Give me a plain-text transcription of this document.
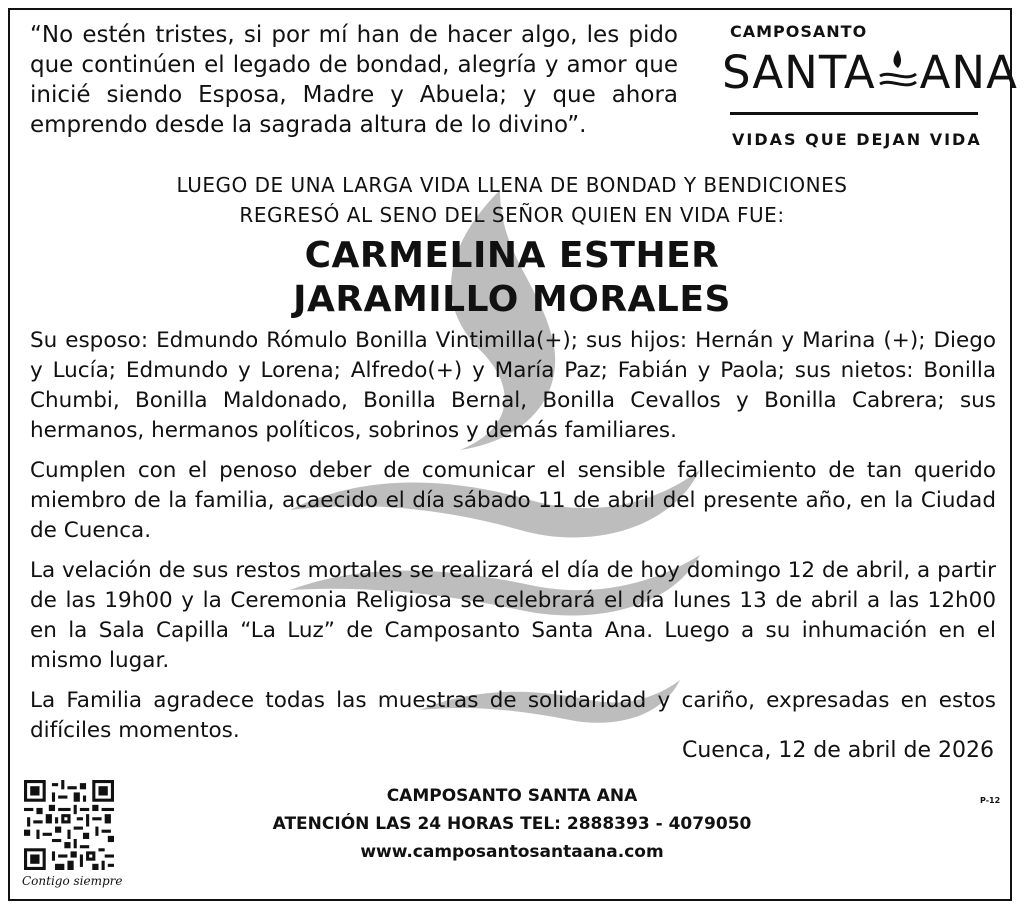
“No estén tristes, si por mí han de hacer algo, les pido que continúen el legado de bondad, alegría y amor que inicié siendo Esposa, Madre y Abuela; y que ahora emprendo desde la sagrada altura de lo divino”.
CAMPOSANTO
SANTA ANA
VIDAS QUE DEJAN VIDA
LUEGO DE UNA LARGA VIDA LLENA DE BONDAD Y BENDICIONES
REGRESÓ AL SENO DEL SEÑOR QUIEN EN VIDA FUE:
CARMELINA ESTHER
JARAMILLO MORALES

Su esposo: Edmundo Rómulo Bonilla Vintimilla(+); sus hijos: Hernán y Marina (+); Diego y Lucía; Edmundo y Lorena; Alfredo(+) y María Paz; Fabián y Paola; sus nietos: Bonilla Chumbi, Bonilla Maldonado, Bonilla Bernal, Bonilla Cevallos y Bonilla Cabrera; sus hermanos, hermanos políticos, sobrinos y demás familiares.

Cumplen con el penoso deber de comunicar el sensible fallecimiento de tan querido miembro de la familia, acaecido el día sábado 11 de abril del presente año, en la Ciudad de Cuenca.

La velación de sus restos mortales se realizará el día de hoy domingo 12 de abril, a partir de las 19h00 y la Ceremonia Religiosa se celebrará el día lunes 13 de abril a las 12h00 en la Sala Capilla “La Luz” de Camposanto Santa Ana. Luego a su inhumación en el mismo lugar.

La Familia agradece todas las muestras de solidaridad y cariño, expresadas en estos difíciles momentos.

Cuenca, 12 de abril de 2026
Contigo siempre
CAMPOSANTO SANTA ANA
ATENCIÓN LAS 24 HORAS TEL: 2888393 - 4079050
www.camposantosantaana.com
P-12
